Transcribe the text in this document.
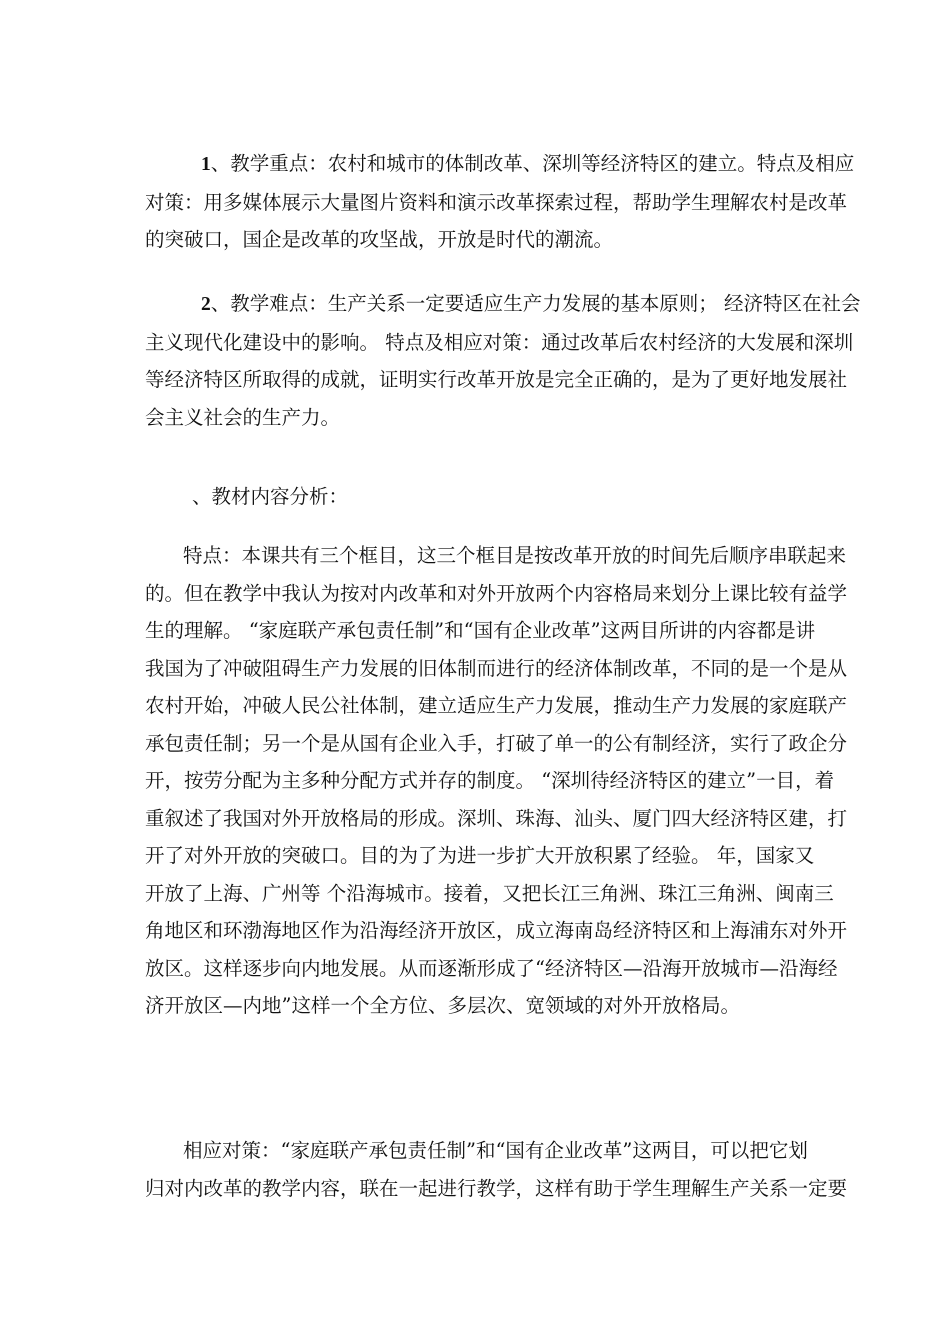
1、教学重点：农村和城市的体制改革、深圳等经济特区的建立。特点及相应
对策：用多媒体展示大量图片资料和演示改革探索过程，帮助学生理解农村是改革
的突破口，国企是改革的攻坚战，开放是时代的潮流。
2、教学难点：生产关系一定要适应生产力发展的基本原则； 经济特区在社会
主义现代化建设中的影响。 特点及相应对策：通过改革后农村经济的大发展和深圳
等经济特区所取得的成就，证明实行改革开放是完全正确的，是为了更好地发展社
会主义社会的生产力。
、教材内容分析：
特点：本课共有三个框目，这三个框目是按改革开放的时间先后顺序串联起来
的。但在教学中我认为按对内改革和对外开放两个内容格局来划分上课比较有益学
生的理解。 “家庭联产承包责任制”和“国有企业改革”这两目所讲的内容都是讲
我国为了冲破阻碍生产力发展的旧体制而进行的经济体制改革，不同的是一个是从
农村开始，冲破人民公社体制，建立适应生产力发展，推动生产力发展的家庭联产
承包责任制；另一个是从国有企业入手，打破了单一的公有制经济，实行了政企分
开，按劳分配为主多种分配方式并存的制度。 “深圳待经济特区的建立”一目，着
重叙述了我国对外开放格局的形成。深圳、珠海、汕头、厦门四大经济特区建，打
开了对外开放的突破口。目的为了为进一步扩大开放积累了经验。 年，国家又
开放了上海、广州等 个沿海城市。接着，又把长江三角洲、珠江三角洲、闽南三
角地区和环渤海地区作为沿海经济开放区，成立海南岛经济特区和上海浦东对外开
放区。这样逐步向内地发展。从而逐渐形成了“经济特区—沿海开放城市—沿海经
济开放区—内地”这样一个全方位、多层次、宽领域的对外开放格局。
相应对策：“家庭联产承包责任制”和“国有企业改革”这两目，可以把它划
归对内改革的教学内容，联在一起进行教学，这样有助于学生理解生产关系一定要
